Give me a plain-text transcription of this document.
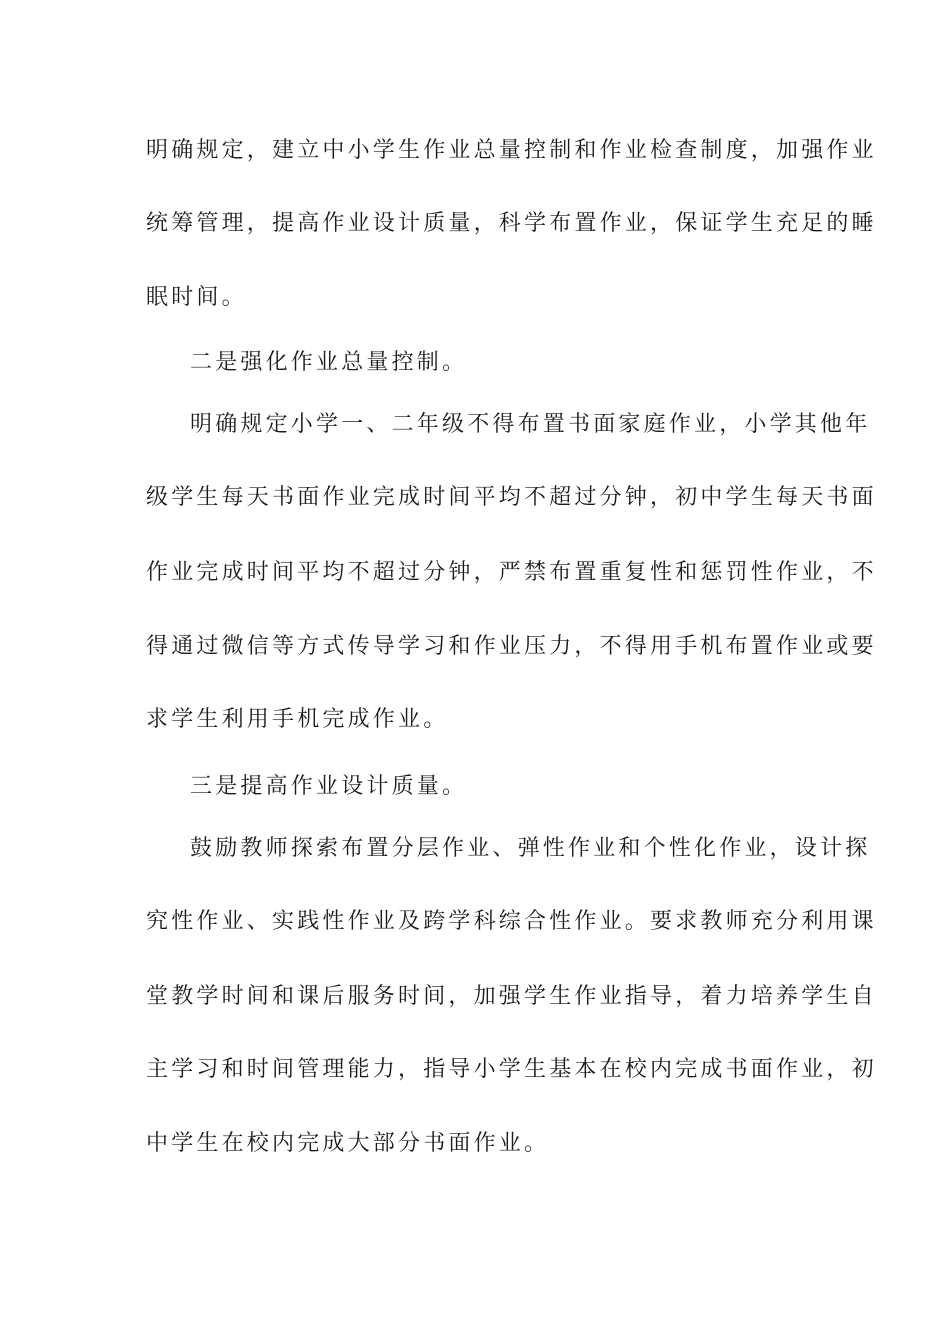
明确规定，建立中小学生作业总量控制和作业检查制度，加强作业
统筹管理，提高作业设计质量，科学布置作业，保证学生充足的睡
眠时间。
二是强化作业总量控制。
明确规定小学一、二年级不得布置书面家庭作业，小学其他年
级学生每天书面作业完成时间平均不超过分钟，初中学生每天书面
作业完成时间平均不超过分钟，严禁布置重复性和惩罚性作业，不
得通过微信等方式传导学习和作业压力，不得用手机布置作业或要
求学生利用手机完成作业。
三是提高作业设计质量。
鼓励教师探索布置分层作业、弹性作业和个性化作业，设计探
究性作业、实践性作业及跨学科综合性作业。要求教师充分利用课
堂教学时间和课后服务时间，加强学生作业指导，着力培养学生自
主学习和时间管理能力，指导小学生基本在校内完成书面作业，初
中学生在校内完成大部分书面作业。
